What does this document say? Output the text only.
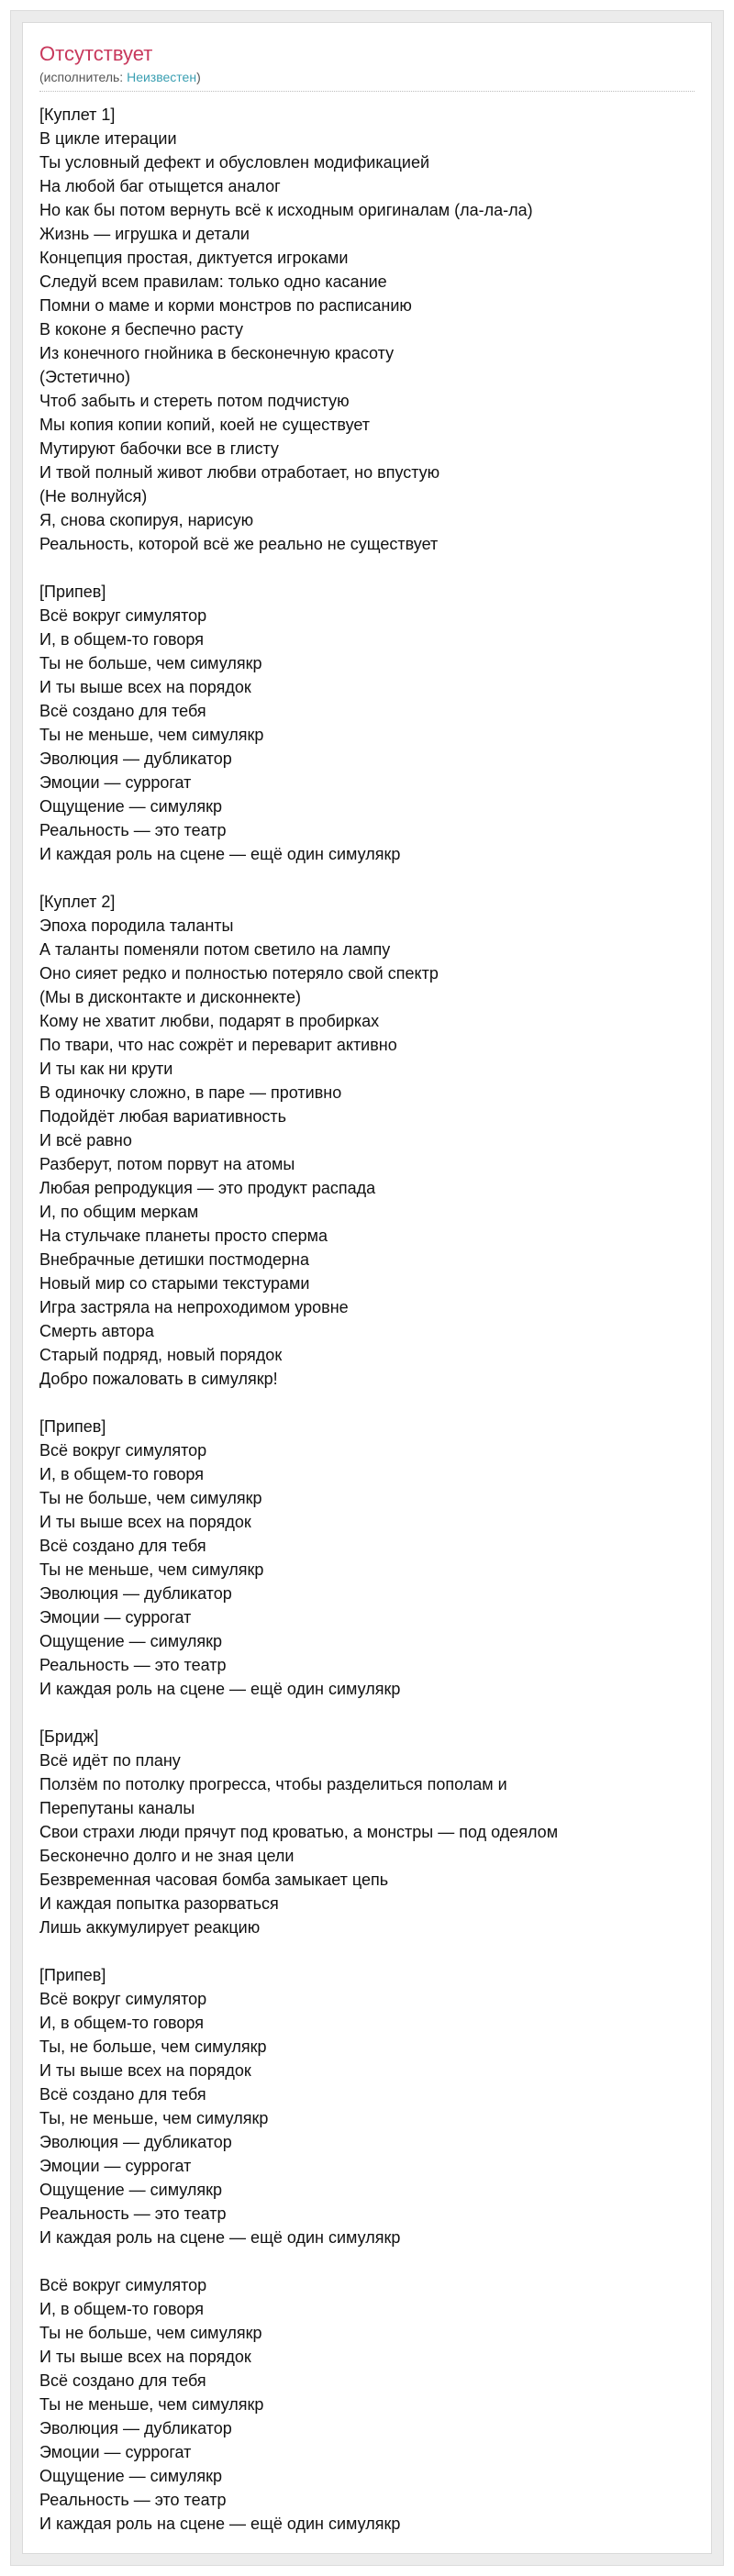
Отсутствует
(исполнитель: Неизвестен)
[Куплет 1]
В цикле итерации
Ты условный дефект и обусловлен модификацией
На любой баг отыщется аналог
Но как бы потом вернуть всё к исходным оригиналам (ла-ла-ла)
Жизнь — игрушка и детали
Концепция простая, диктуется игроками
Следуй всем правилам: только одно касание
Помни о маме и корми монстров по расписанию
В коконе я беспечно расту
Из конечного гнойника в бесконечную красоту
(Эстетично)
Чтоб забыть и стереть потом подчистую
Мы копия копии копий, коей не существует
Мутируют бабочки все в глисту
И твой полный живот любви отработает, но впустую
(Не волнуйся)
Я, снова скопируя, нарисую
Реальность, которой всё же реально не существует
[Припев]
Всё вокруг симулятор
И, в общем-то говоря
Ты не больше, чем симулякр
И ты выше всех на порядок
Всё создано для тебя
Ты не меньше, чем симулякр
Эволюция — дубликатор
Эмоции — суррогат
Ощущение — симулякр
Реальность — это театр
И каждая роль на сцене — ещё один симулякр
[Куплет 2]
Эпоха породила таланты
А таланты поменяли потом светило на лампу
Оно сияет редко и полностью потеряло свой спектр
(Мы в дисконтакте и дисконнекте)
Кому не хватит любви, подарят в пробирках
По твари, что нас сожрёт и переварит активно
И ты как ни крути
В одиночку сложно, в паре — противно
Подойдёт любая вариативность
И всё равно
Разберут, потом порвут на атомы
Любая репродукция — это продукт распада
И, по общим меркам
На стульчаке планеты просто сперма
Внебрачные детишки постмодерна
Новый мир со старыми текстурами
Игра застряла на непроходимом уровне
Смерть автора
Старый подряд, новый порядок
Добро пожаловать в симулякр!
[Припев]
Всё вокруг симулятор
И, в общем-то говоря
Ты не больше, чем симулякр
И ты выше всех на порядок
Всё создано для тебя
Ты не меньше, чем симулякр
Эволюция — дубликатор
Эмоции — суррогат
Ощущение — симулякр
Реальность — это театр
И каждая роль на сцене — ещё один симулякр
[Бридж]
Всё идёт по плану
Ползём по потолку прогресса, чтобы разделиться пополам и
Перепутаны каналы
Свои страхи люди прячут под кроватью, а монстры — под одеялом
Бесконечно долго и не зная цели
Безвременная часовая бомба замыкает цепь
И каждая попытка разорваться
Лишь аккумулирует реакцию
[Припев]
Всё вокруг симулятор
И, в общем-то говоря
Ты, не больше, чем симулякр
И ты выше всех на порядок
Всё создано для тебя
Ты, не меньше, чем симулякр
Эволюция — дубликатор
Эмоции — суррогат
Ощущение — симулякр
Реальность — это театр
И каждая роль на сцене — ещё один симулякр
Всё вокруг симулятор
И, в общем-то говоря
Ты не больше, чем симулякр
И ты выше всех на порядок
Всё создано для тебя
Ты не меньше, чем симулякр
Эволюция — дубликатор
Эмоции — суррогат
Ощущение — симулякр
Реальность — это театр
И каждая роль на сцене — ещё один симулякр
